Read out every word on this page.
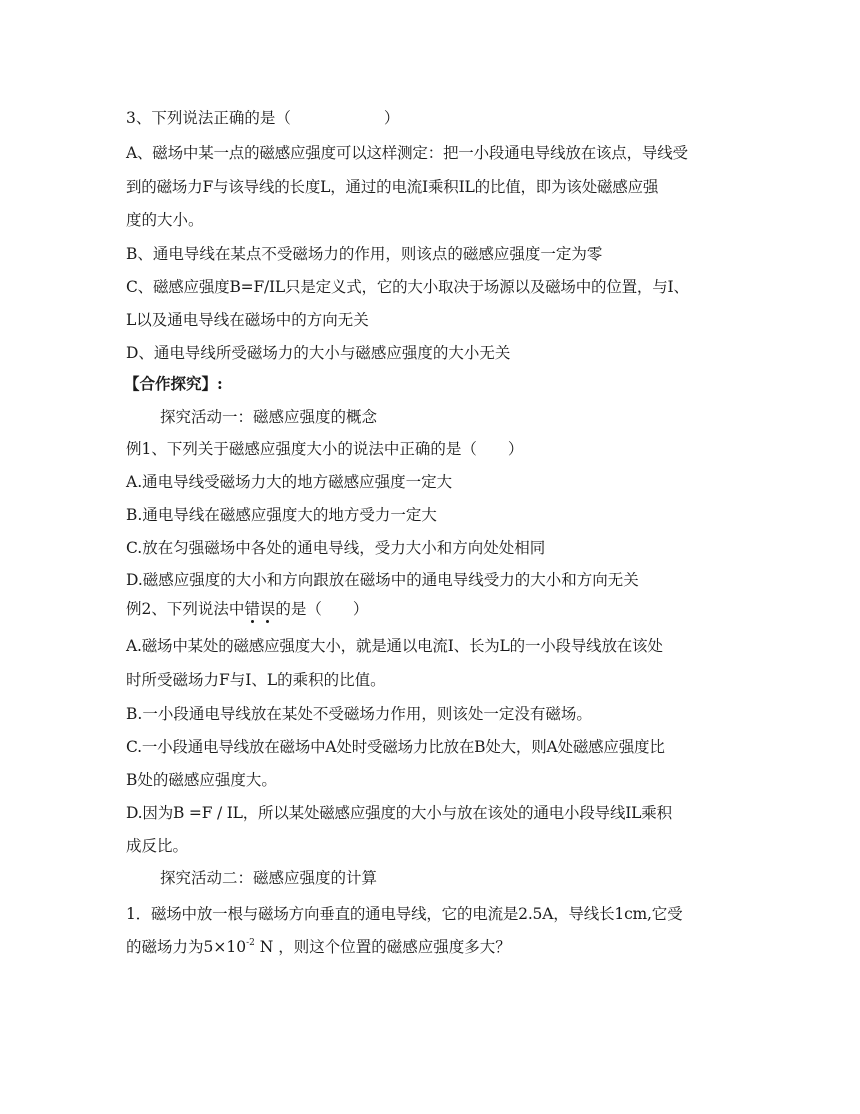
3、下列说法正确的是（　　　　　　）
A、磁场中某一点的磁感应强度可以这样测定：把一小段通电导线放在该点，导线受
到的磁场力F与该导线的长度L，通过的电流I乘积IL的比值，即为该处磁感应强
度的大小。
B、通电导线在某点不受磁场力的作用，则该点的磁感应强度一定为零
C、磁感应强度B=F/IL只是定义式，它的大小取决于场源以及磁场中的位置，与I、
L以及通电导线在磁场中的方向无关
D、通电导线所受磁场力的大小与磁感应强度的大小无关
【合作探究】:
探究活动一：磁感应强度的概念
例1、下列关于磁感应强度大小的说法中正确的是（　　）
A.通电导线受磁场力大的地方磁感应强度一定大
B.通电导线在磁感应强度大的地方受力一定大
C.放在匀强磁场中各处的通电导线，受力大小和方向处处相同
D.磁感应强度的大小和方向跟放在磁场中的通电导线受力的大小和方向无关
例2、下列说法中错误的是（　　）
A.磁场中某处的磁感应强度大小，就是通以电流I、长为L的一小段导线放在该处
时所受磁场力F与I、L的乘积的比值。
B.一小段通电导线放在某处不受磁场力作用，则该处一定没有磁场。
C.一小段通电导线放在磁场中A处时受磁场力比放在B处大，则A处磁感应强度比
B处的磁感应强度大。
D.因为B =F / IL，所以某处磁感应强度的大小与放在该处的通电小段导线IL乘积
成反比。
探究活动二：磁感应强度的计算
1．磁场中放一根与磁场方向垂直的通电导线，它的电流是2.5A，导线长1cm,它受
的磁场力为$5\times 10^{-2}$ N ，则这个位置的磁感应强度多大？
